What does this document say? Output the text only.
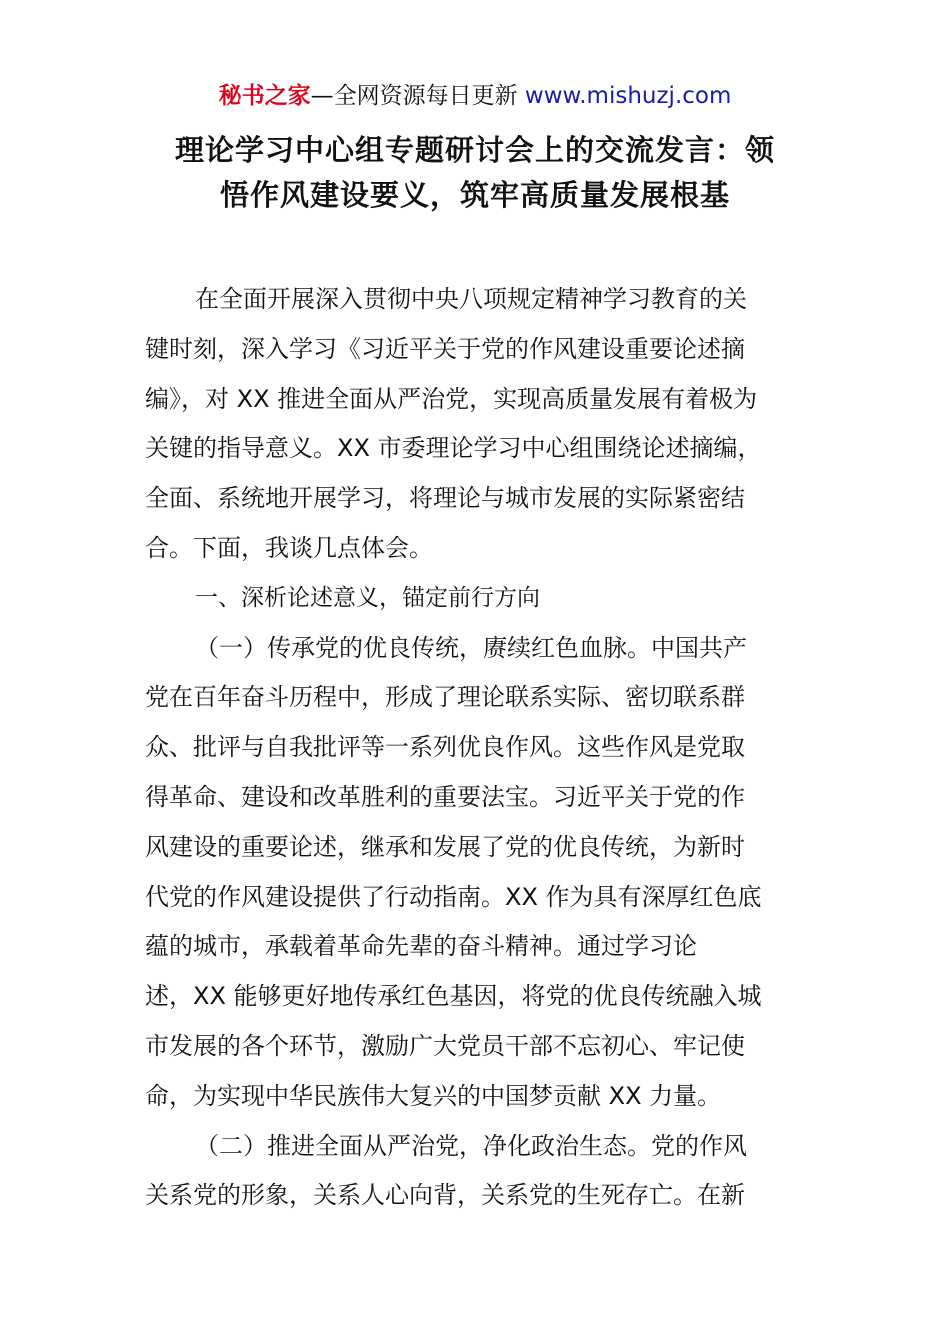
秘书之家—全网资源每日更新 www.mishuzj.com
理论学习中心组专题研讨会上的交流发言：领
悟作风建设要义，筑牢高质量发展根基
在全面开展深入贯彻中央八项规定精神学习教育的关
键时刻，深入学习《习近平关于党的作风建设重要论述摘
编》，对 XX 推进全面从严治党，实现高质量发展有着极为
关键的指导意义。XX 市委理论学习中心组围绕论述摘编，
全面、系统地开展学习，将理论与城市发展的实际紧密结
合。下面，我谈几点体会。
一、深析论述意义，锚定前行方向
（一）传承党的优良传统，赓续红色血脉。中国共产
党在百年奋斗历程中，形成了理论联系实际、密切联系群
众、批评与自我批评等一系列优良作风。这些作风是党取
得革命、建设和改革胜利的重要法宝。习近平关于党的作
风建设的重要论述，继承和发展了党的优良传统，为新时
代党的作风建设提供了行动指南。XX 作为具有深厚红色底
蕴的城市，承载着革命先辈的奋斗精神。通过学习论
述，XX 能够更好地传承红色基因，将党的优良传统融入城
市发展的各个环节，激励广大党员干部不忘初心、牢记使
命，为实现中华民族伟大复兴的中国梦贡献 XX 力量。
（二）推进全面从严治党，净化政治生态。党的作风
关系党的形象，关系人心向背，关系党的生死存亡。在新
